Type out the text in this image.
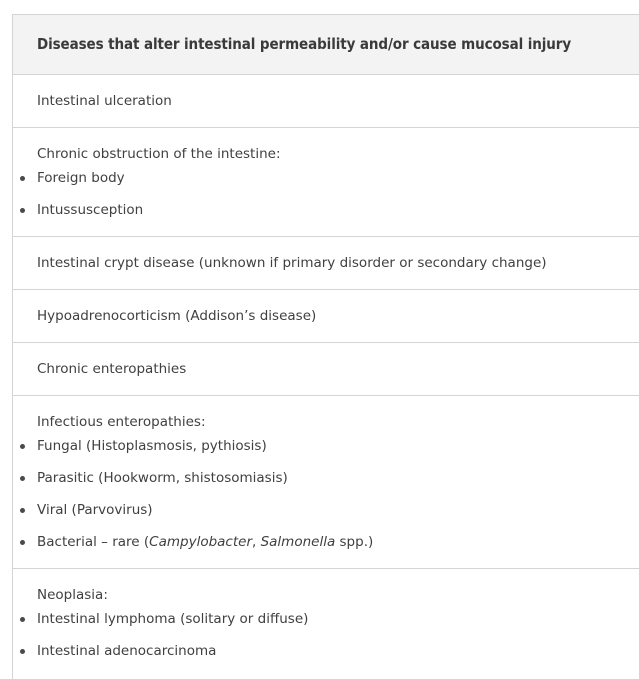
Diseases that alter intestinal permeability and/or cause mucosal injury
Intestinal ulceration
Chronic obstruction of the intestine:
Foreign body
Intussusception
Intestinal crypt disease (unknown if primary disorder or secondary change)
Hypoadrenocorticism (Addison’s disease)
Chronic enteropathies
Infectious enteropathies:
Fungal (Histoplasmosis, pythiosis)
Parasitic (Hookworm, shistosomiasis)
Viral (Parvovirus)
Bacterial – rare (Campylobacter, Salmonella spp.)
Neoplasia:
Intestinal lymphoma (solitary or diffuse)
Intestinal adenocarcinoma
